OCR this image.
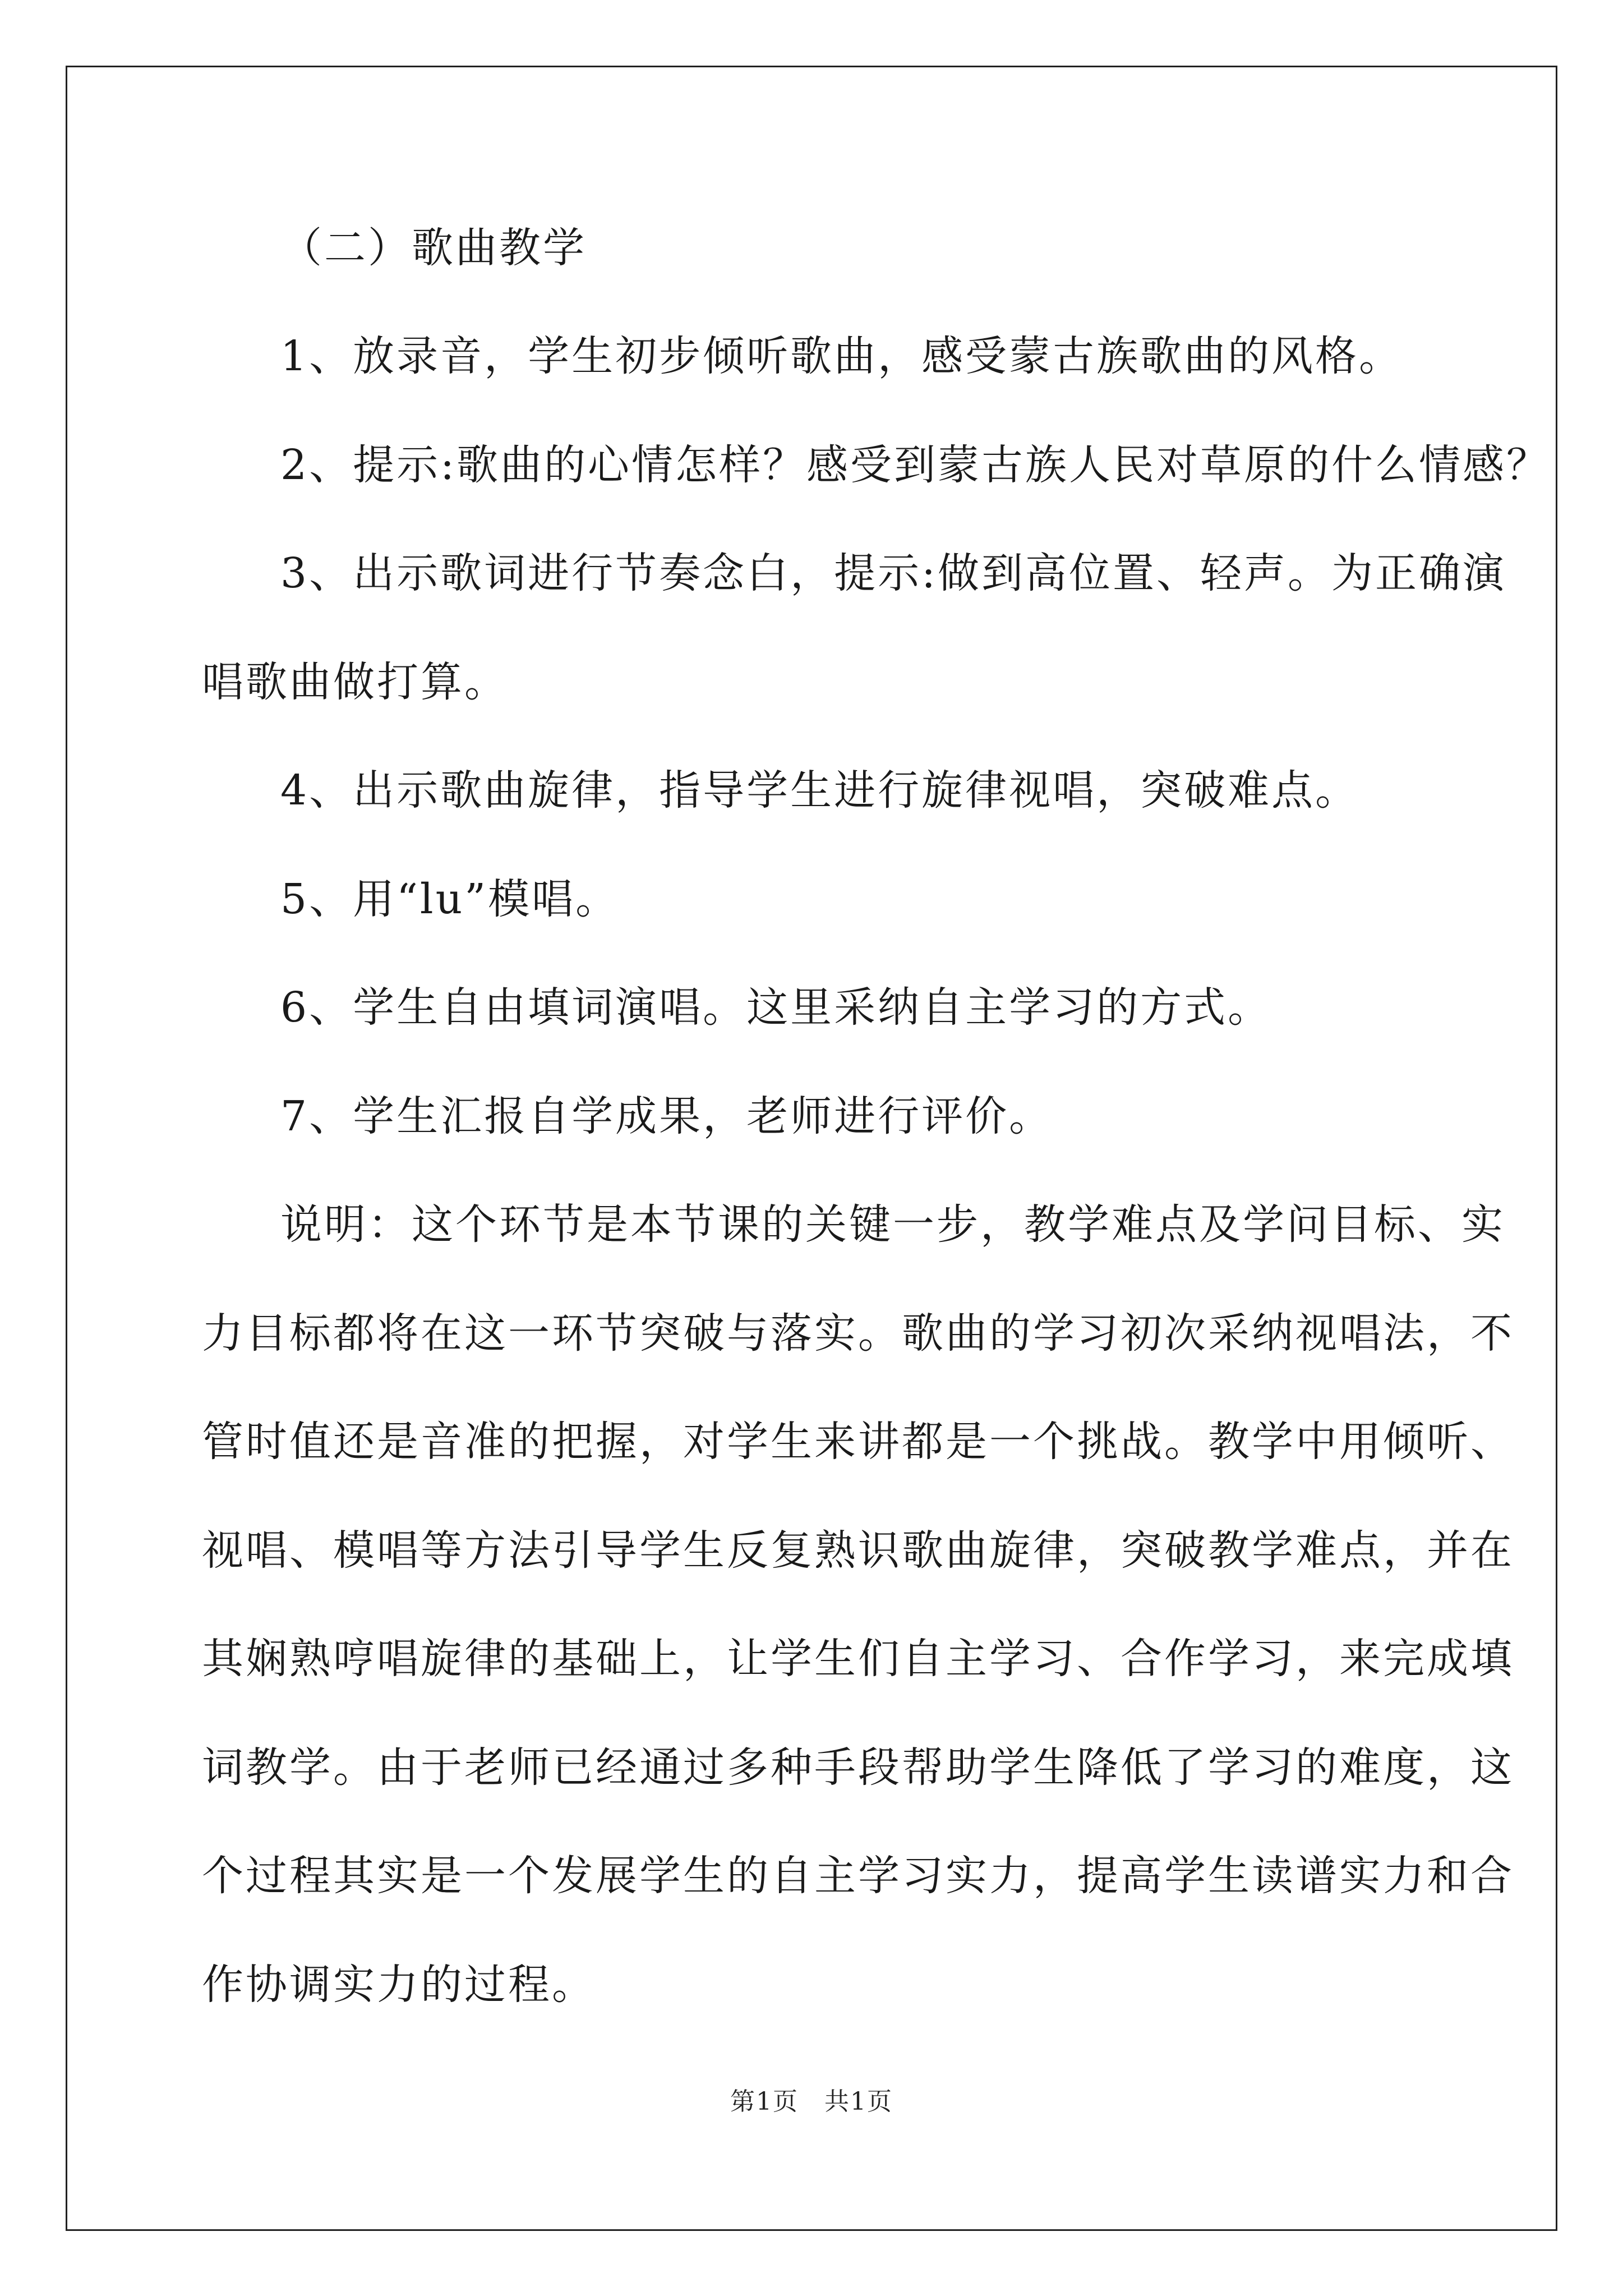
（二）歌曲教学
1、放录音，学生初步倾听歌曲，感受蒙古族歌曲的风格。
2、提示:歌曲的心情怎样？感受到蒙古族人民对草原的什么情感？
3、出示歌词进行节奏念白，提示:做到高位置、轻声。为正确演
唱歌曲做打算。
4、出示歌曲旋律，指导学生进行旋律视唱，突破难点。
5、用“lu”模唱。
6、学生自由填词演唱。这里采纳自主学习的方式。
7、学生汇报自学成果，老师进行评价。
说明：这个环节是本节课的关键一步，教学难点及学问目标、实
力目标都将在这一环节突破与落实。歌曲的学习初次采纳视唱法，不
管时值还是音准的把握，对学生来讲都是一个挑战。教学中用倾听、
视唱、模唱等方法引导学生反复熟识歌曲旋律，突破教学难点，并在
其娴熟哼唱旋律的基础上，让学生们自主学习、合作学习，来完成填
词教学。由于老师已经通过多种手段帮助学生降低了学习的难度，这
个过程其实是一个发展学生的自主学习实力，提高学生读谱实力和合
作协调实力的过程。
第1页　共1页
